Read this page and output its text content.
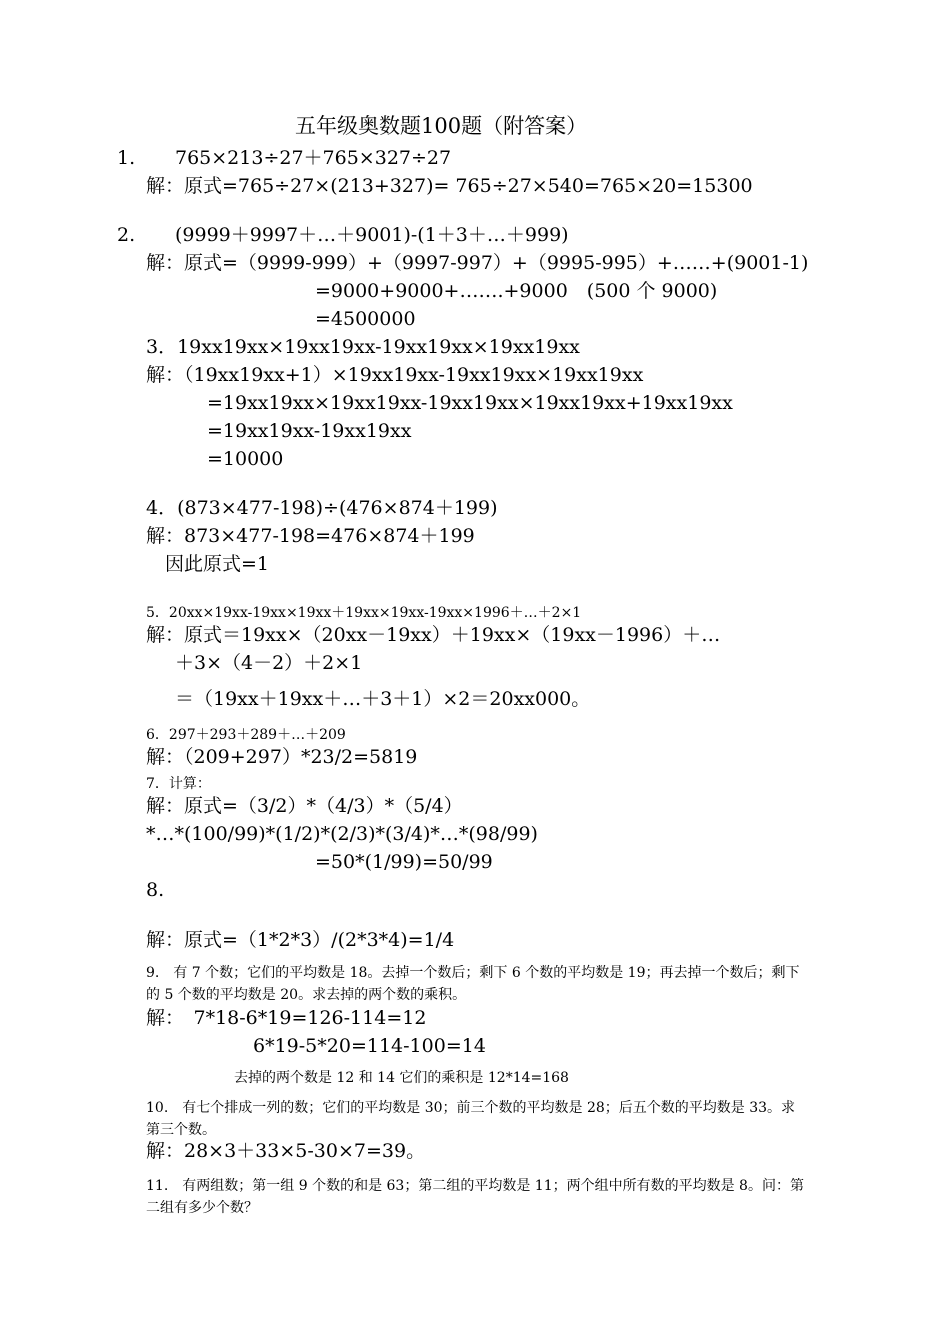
五年级奥数题100题（附答案）
1. 765×213÷27＋765×327÷27
解：原式=765÷27×(213+327)= 765÷27×540=765×20=15300
2. (9999＋9997＋…＋9001)-(1＋3＋…＋999)
解：原式=（9999-999）+（9997-997）+（9995-995）+……+(9001-1)
=9000+9000+…….+9000　(500 个 9000)
=4500000
3．19xx19xx×19xx19xx-19xx19xx×19xx19xx
解：（19xx19xx+1）×19xx19xx-19xx19xx×19xx19xx
=19xx19xx×19xx19xx-19xx19xx×19xx19xx+19xx19xx
=19xx19xx-19xx19xx
=10000
4．(873×477-198)÷(476×874＋199)
解：873×477-198=476×874＋199
因此原式=1
5．20xx×19xx-19xx×19xx＋19xx×19xx-19xx×1996＋…＋2×1
解：原式＝19xx×（20xx－19xx）＋19xx×（19xx－1996）＋…
＋3×（4－2）＋2×1
＝（19xx＋19xx＋…＋3＋1）×2＝20xx000。
6．297＋293＋289＋…＋209
解：（209+297）*23/2=5819
7．计算：
解：原式=（3/2）*（4/3）*（5/4）
*…*(100/99)*(1/2)*(2/3)*(3/4)*…*(98/99)
=50*(1/99)=50/99
8.
解：原式=（1*2*3）/(2*3*4)=1/4
9.　有 7 个数；它们的平均数是 18。去掉一个数后；剩下 6 个数的平均数是 19；再去掉一个数后；剩下的 5 个数的平均数是 20。求去掉的两个数的乘积。
解：　7*18-6*19=126-114=12
6*19-5*20=114-100=14
去掉的两个数是 12 和 14 它们的乘积是 12*14=168
10.　有七个排成一列的数；它们的平均数是 30；前三个数的平均数是 28；后五个数的平均数是 33。求第三个数。
解：28×3＋33×5-30×7=39。
11.　有两组数；第一组 9 个数的和是 63；第二组的平均数是 11；两个组中所有数的平均数是 8。问：第二组有多少个数？
